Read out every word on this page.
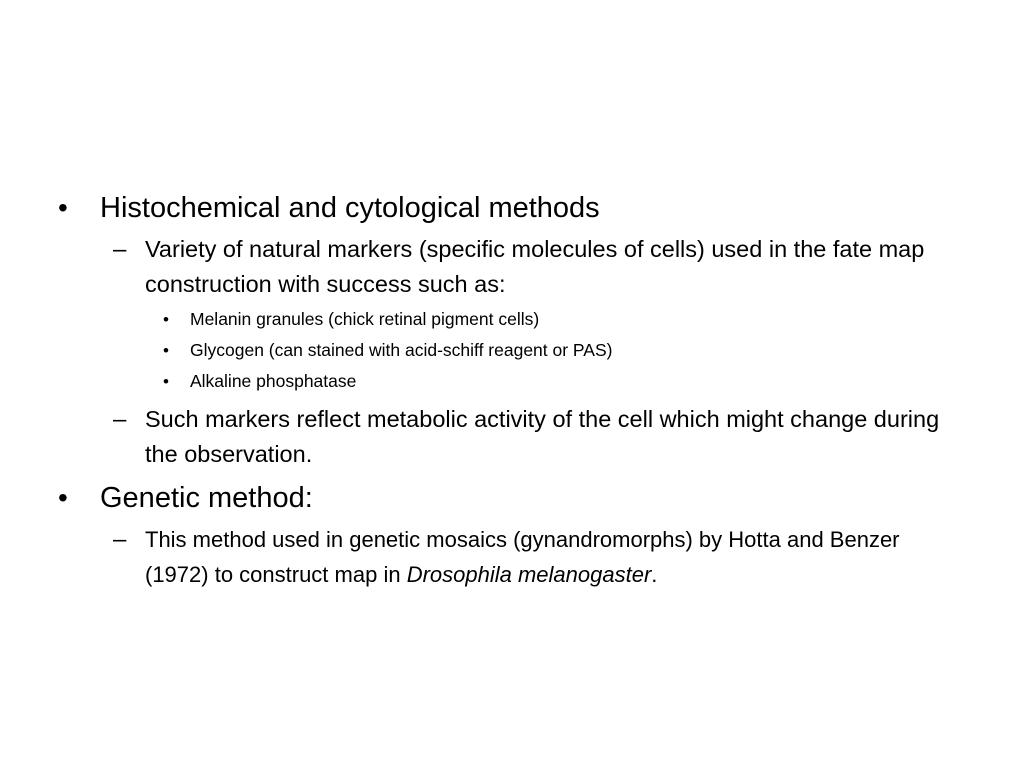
•	Histochemical and cytological methods
– Variety of natural markers (specific molecules of cells) used in the fate map construction with success such as:
•	Melanin granules (chick retinal pigment cells)
•	Glycogen (can stained with acid-schiff reagent or PAS)
•	Alkaline phosphatase
– Such markers reflect metabolic activity of the cell which might change during the observation.
•	Genetic method:
– This method used in genetic mosaics (gynandromorphs) by Hotta and Benzer (1972) to construct map in Drosophila melanogaster.
